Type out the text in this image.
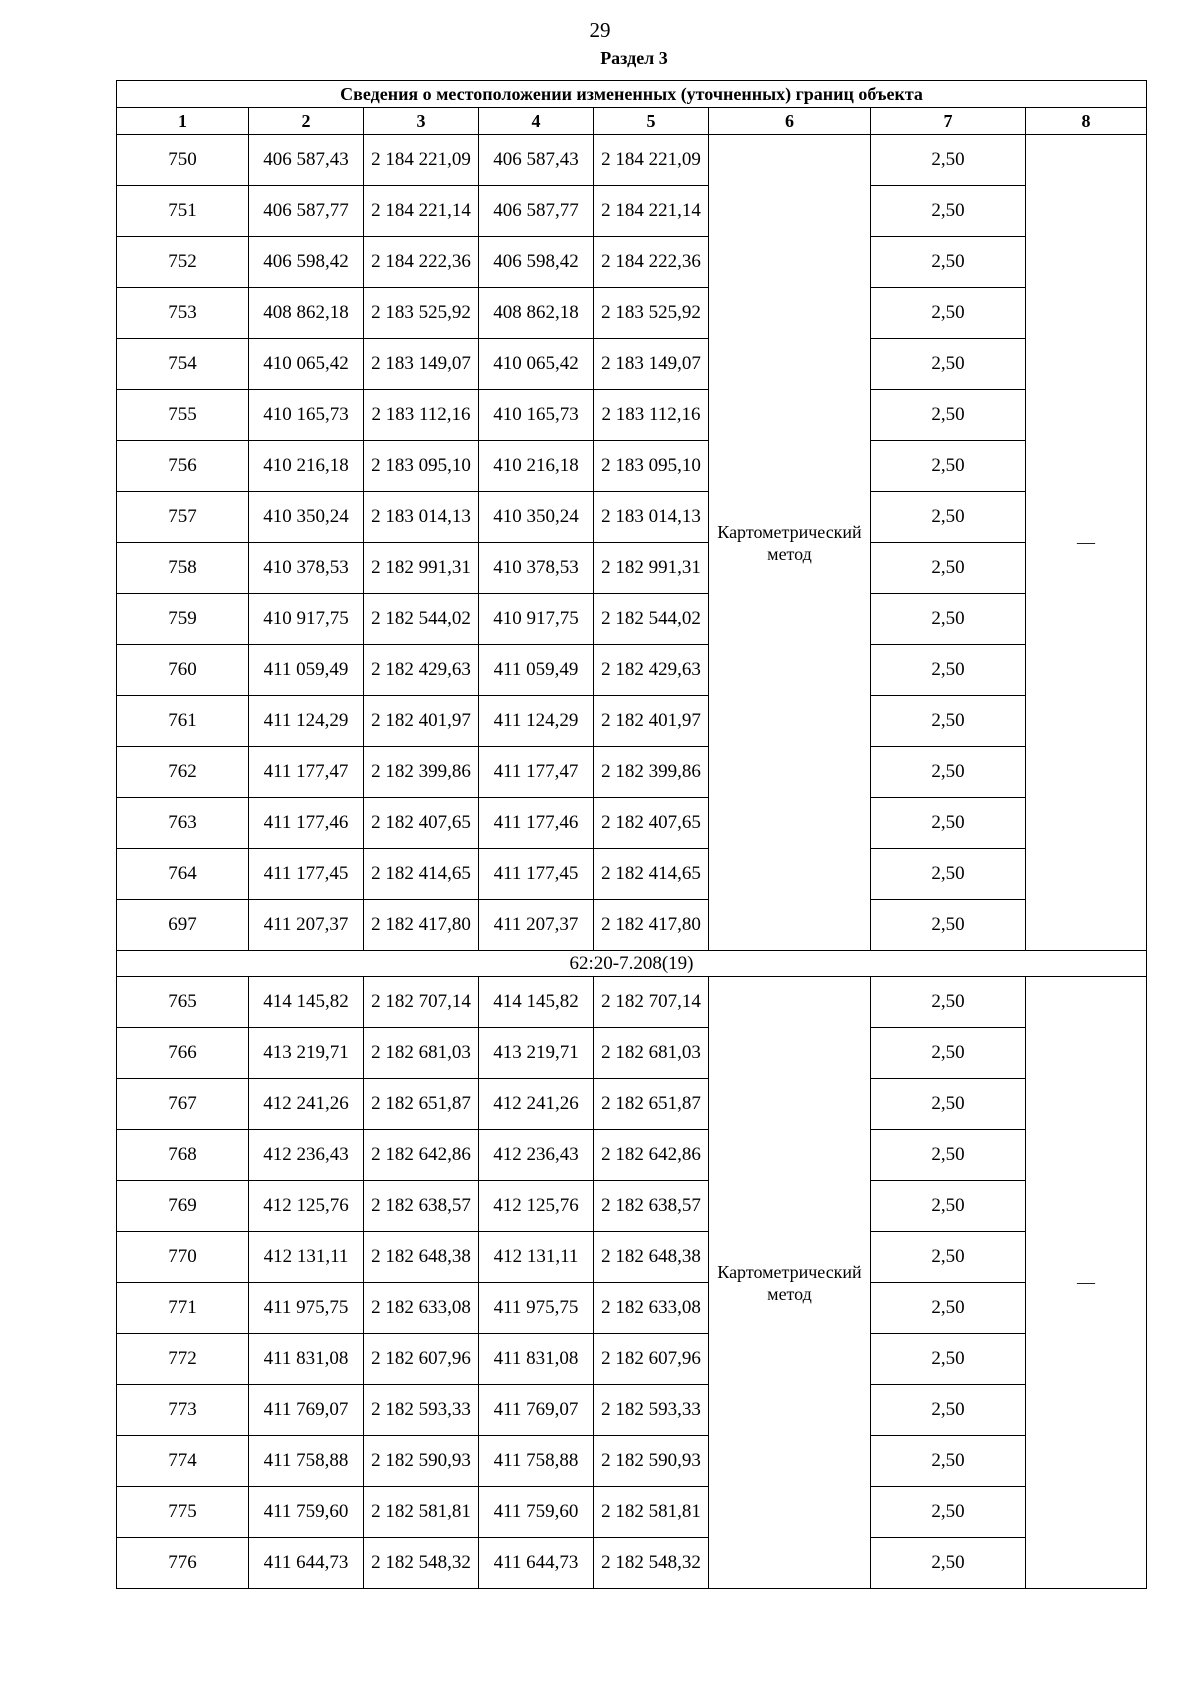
29
Раздел 3
Сведения о местоположении измененных (уточненных) границ объекта							
1	2	3	4	5	6	7	8
750	406 587,43	2 184 221,09	406 587,43	2 184 221,09	Картометрический метод	2,50	—
751	406 587,77	2 184 221,14	406 587,77	2 184 221,14		2,50	
752	406 598,42	2 184 222,36	406 598,42	2 184 222,36		2,50	
753	408 862,18	2 183 525,92	408 862,18	2 183 525,92		2,50	
754	410 065,42	2 183 149,07	410 065,42	2 183 149,07		2,50	
755	410 165,73	2 183 112,16	410 165,73	2 183 112,16		2,50	
756	410 216,18	2 183 095,10	410 216,18	2 183 095,10		2,50	
757	410 350,24	2 183 014,13	410 350,24	2 183 014,13		2,50	
758	410 378,53	2 182 991,31	410 378,53	2 182 991,31		2,50	
759	410 917,75	2 182 544,02	410 917,75	2 182 544,02		2,50	
760	411 059,49	2 182 429,63	411 059,49	2 182 429,63		2,50	
761	411 124,29	2 182 401,97	411 124,29	2 182 401,97		2,50	
762	411 177,47	2 182 399,86	411 177,47	2 182 399,86		2,50	
763	411 177,46	2 182 407,65	411 177,46	2 182 407,65		2,50	
764	411 177,45	2 182 414,65	411 177,45	2 182 414,65		2,50	
697	411 207,37	2 182 417,80	411 207,37	2 182 417,80		2,50	
62:20-7.208(19)							
765	414 145,82	2 182 707,14	414 145,82	2 182 707,14	Картометрический метод	2,50	—
766	413 219,71	2 182 681,03	413 219,71	2 182 681,03		2,50	
767	412 241,26	2 182 651,87	412 241,26	2 182 651,87		2,50	
768	412 236,43	2 182 642,86	412 236,43	2 182 642,86		2,50	
769	412 125,76	2 182 638,57	412 125,76	2 182 638,57		2,50	
770	412 131,11	2 182 648,38	412 131,11	2 182 648,38		2,50	
771	411 975,75	2 182 633,08	411 975,75	2 182 633,08		2,50	
772	411 831,08	2 182 607,96	411 831,08	2 182 607,96		2,50	
773	411 769,07	2 182 593,33	411 769,07	2 182 593,33		2,50	
774	411 758,88	2 182 590,93	411 758,88	2 182 590,93		2,50	
775	411 759,60	2 182 581,81	411 759,60	2 182 581,81		2,50	
776	411 644,73	2 182 548,32	411 644,73	2 182 548,32		2,50	
